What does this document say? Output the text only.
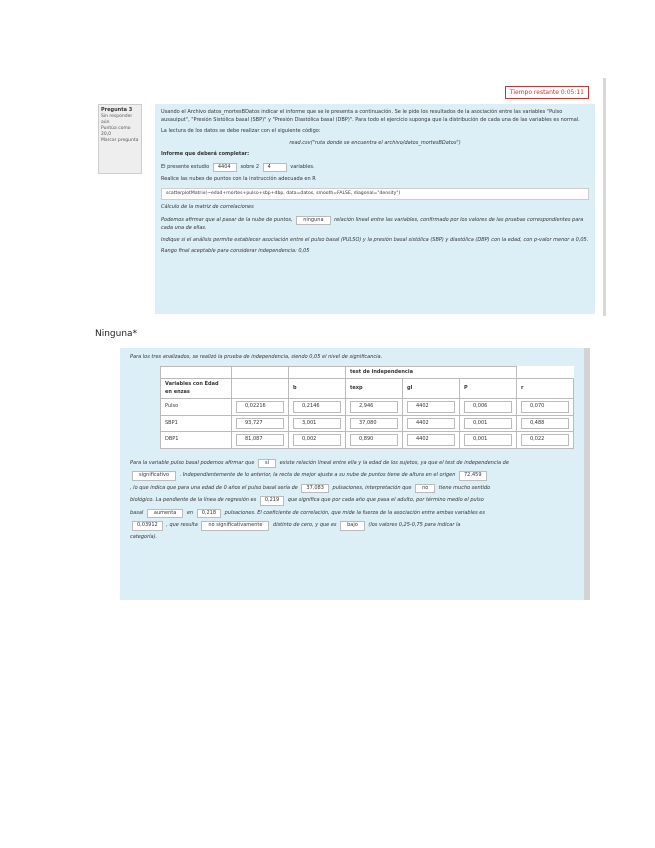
Tiempo restante 0:05:11
Pregunta 3
Sin responder aún
Puntúa como 20,0
Marcar pregunta

Usando el Archivo datos_mortesBDatos indicar el informe que se le presenta a continuación. Se le pide los resultados de la asociación entre las variables "Pulso ausauiput", "Presión Sistólica basal (SBP)" y "Presión Diastólica basal (DBP)". Para todo el ejercicio suponga que la distribución de cada una de las variables es normal.

La lectura de los datos se debe realizar con el siguiente código:

read.csv("ruta donde se encuentra el archivo/datos_mortesBDatos")

Informe que deberá completar:

El presente estudio 4404 sobre 2 4	variables.

Realice las nubes de puntos con la instrucción adecuada en R

scatterplotMatrix(~edad+mortes+pulso+sbp+dbp, data=datos, smooth=FALSE, diagonal="density")

Cálculo de la matriz de correlaciones

Podemos afirmar que al pasar de la nube de puntos, ninguna relación lineal entre las variables, confirmado por los valores de las pruebas correspondientes para cada una de ellas.

Indique si el análisis permite establecer asociación entre el pulso basal (PULSO) y la presión basal sistólica (SBP) y diastólica (DBP) con la edad, con p-valor menor a 0,05.

Rango final aceptable para considerar independencia: 0,05

Ninguna*

Para los tres analizados, se realizó la prueba de independencia, siendo 0,05 el nivel de significancia.

			test de independencia			
Variables con Edad en enzas		b	texp	gl	P	r
Pulso	0,02216	0,2146	2,946	4402	0,006	0,070
SBP1	93,727	3,001	37,080	4402	0,001	0,488
DBP1	81,087	0,002	0,890	4402	0,001	0,022

Para la variable pulso basal podemos afirmar que sí existe relación lineal entre ella y la edad de los sujetos, ya que el test de independencia de

significativo . Independientemente de lo anterior, la recta de mejor ajuste a su nube de puntos tiene de altura en el origen 72,459

, lo que indica que para una edad de 0 años el pulso basal sería de 37,083 pulsaciones, interpretación que no tiene mucho sentido

biológico. La pendiente de la línea de regresión es 0,219 que significa que por cada año que pasa el adulto, por término medio el pulso

basal aumenta en 0,218 pulsaciones. El coeficiente de correlación, que mide la fuerza de la asociación entre ambas variables es

0,03912 , que resulta no significativamente distinto de cero, y que es bajo (los valores 0,25-0,75 para indicar la

categoría).
